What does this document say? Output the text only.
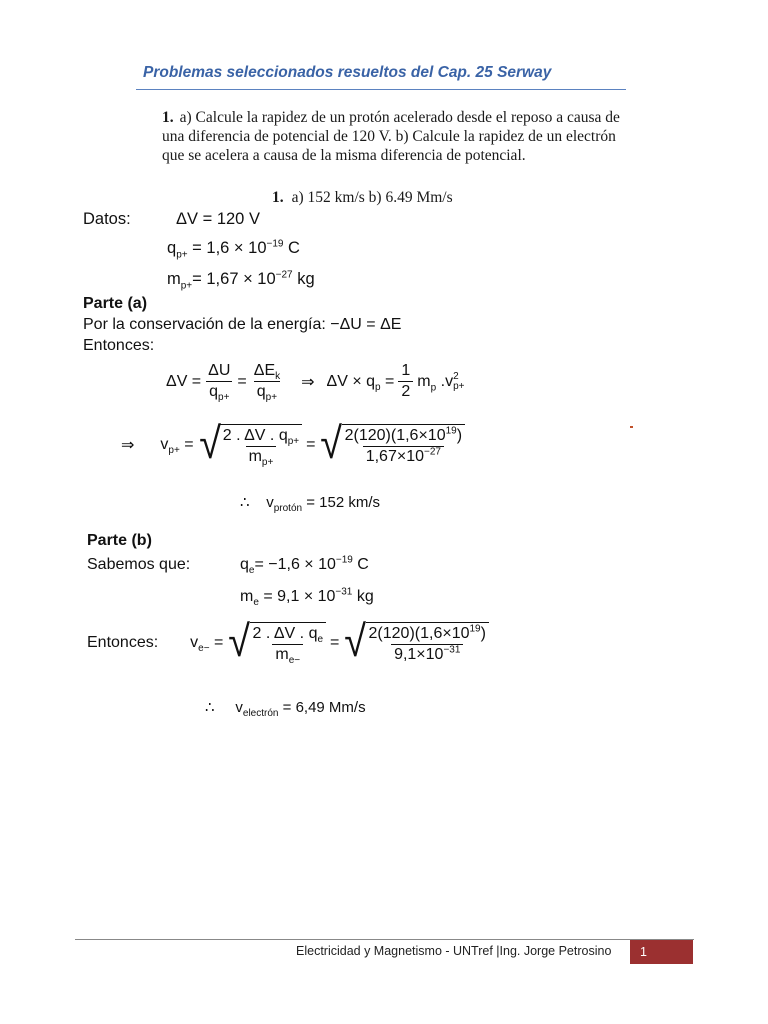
Problemas seleccionados resueltos del Cap. 25 Serway
1. a) Calcule la rapidez de un protón acelerado desde el reposo a causa de una diferencia de potencial de 120 V. b) Calcule la rapidez de un electrón que se acelera a causa de la misma diferencia de potencial.
1. a) 152 km/s b) 6.49 Mm/s
Datos:	ΔV = 120 V
$q_{p+} = 1,6 \times 10^{-19}$ C
$m_{p+}= 1,67 \times 10^{-27}$ kg
Parte (a)
Por la conservación de la energía: −ΔU = ΔE
Entonces:
$\Delta V = \frac{\Delta U}{q_{p+}} = \frac{\Delta E_k}{q_{p+}}$ ⇒ $\Delta V \times q_p = \frac{1}{2} m_p$ .v 2
p+
⇒ $v_{p+}$ = √ $\frac{2 . \Delta V . q_{p+}}{m_{p+}}$ = √ $\frac{2(120)(1,6\times 10^{19})}{1,67\times 10^{-27}}$
∴ $v_{protón} = 152$ km/s
Parte (b)
Sabemos que:	$q_e= -1,6 \times 10^{-19}$ C
$m_e = 9,1 \times 10^{-31}$ kg
Entonces: $v_{e-}$ = √ $\frac{2 . \Delta V . q_e}{m_{e-}}$ = √ $\frac{2(120)(1,6\times 10^{19})}{9,1\times 10^{-31}}$
∴ $v_{electrón} = 6,49$ Mm/s
Electricidad y Magnetismo - UNTref |Ing. Jorge Petrosino	1
